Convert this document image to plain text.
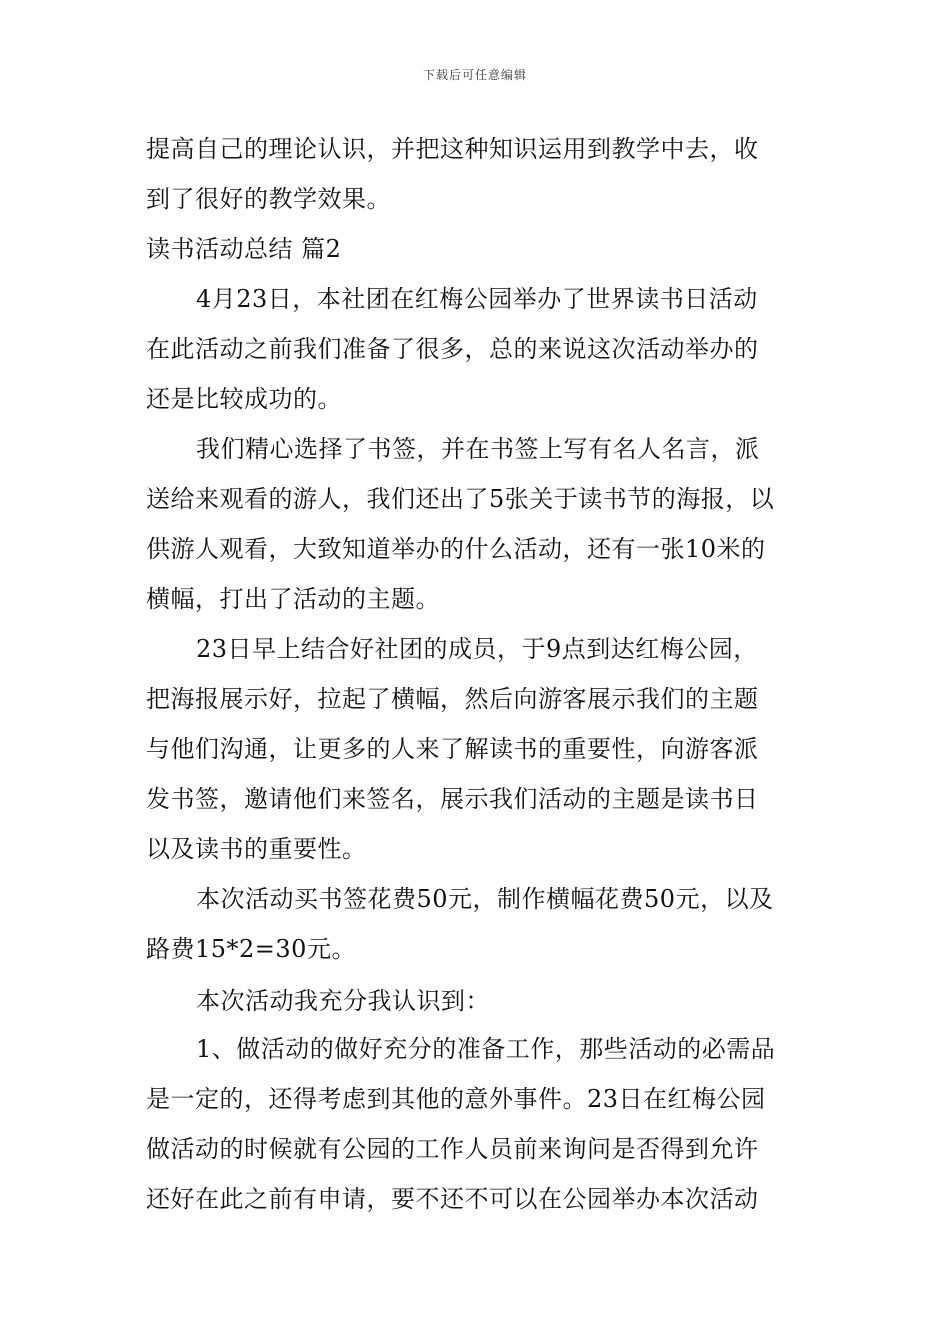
下载后可任意编辑
提高自己的理论认识，并把这种知识运用到教学中去，收
到了很好的教学效果。
读书活动总结 篇2
4月23日，本社团在红梅公园举办了世界读书日活动
在此活动之前我们准备了很多，总的来说这次活动举办的
还是比较成功的。
我们精心选择了书签，并在书签上写有名人名言，派
送给来观看的游人，我们还出了5张关于读书节的海报，以
供游人观看，大致知道举办的什么活动，还有一张10米的
横幅，打出了活动的主题。
23日早上结合好社团的成员，于9点到达红梅公园，
把海报展示好，拉起了横幅，然后向游客展示我们的主题
与他们沟通，让更多的人来了解读书的重要性，向游客派
发书签，邀请他们来签名，展示我们活动的主题是读书日
以及读书的重要性。
本次活动买书签花费50元，制作横幅花费50元，以及
路费15*2=30元。
本次活动我充分我认识到：
1、做活动的做好充分的准备工作，那些活动的必需品
是一定的，还得考虑到其他的意外事件。23日在红梅公园
做活动的时候就有公园的工作人员前来询问是否得到允许
还好在此之前有申请，要不还不可以在公园举办本次活动
